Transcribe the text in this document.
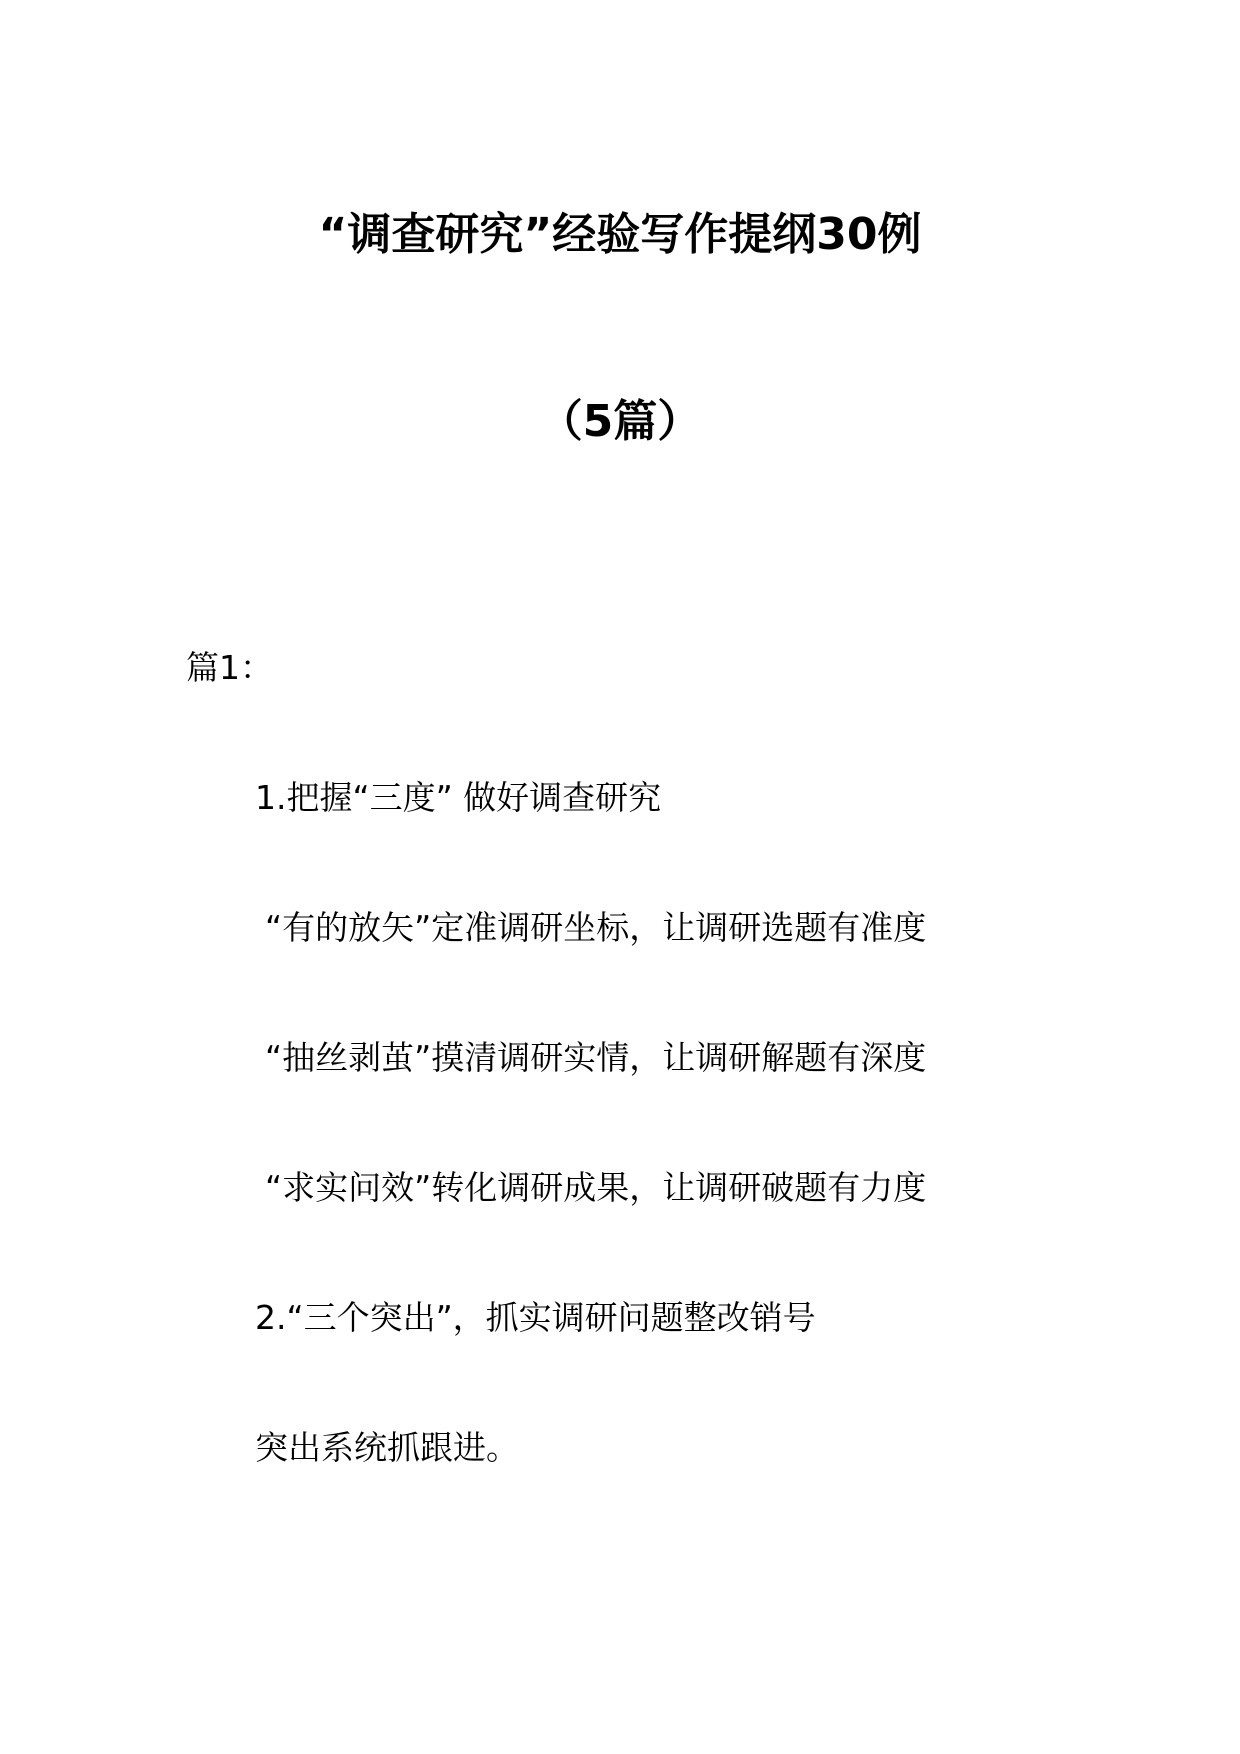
“调查研究”经验写作提纲30例
（5篇）

篇1：

1.把握“三度” 做好调查研究

“有的放矢”定准调研坐标，让调研选题有准度

“抽丝剥茧”摸清调研实情，让调研解题有深度

“求实问效”转化调研成果，让调研破题有力度

2.“三个突出”，抓实调研问题整改销号

突出系统抓跟进。
